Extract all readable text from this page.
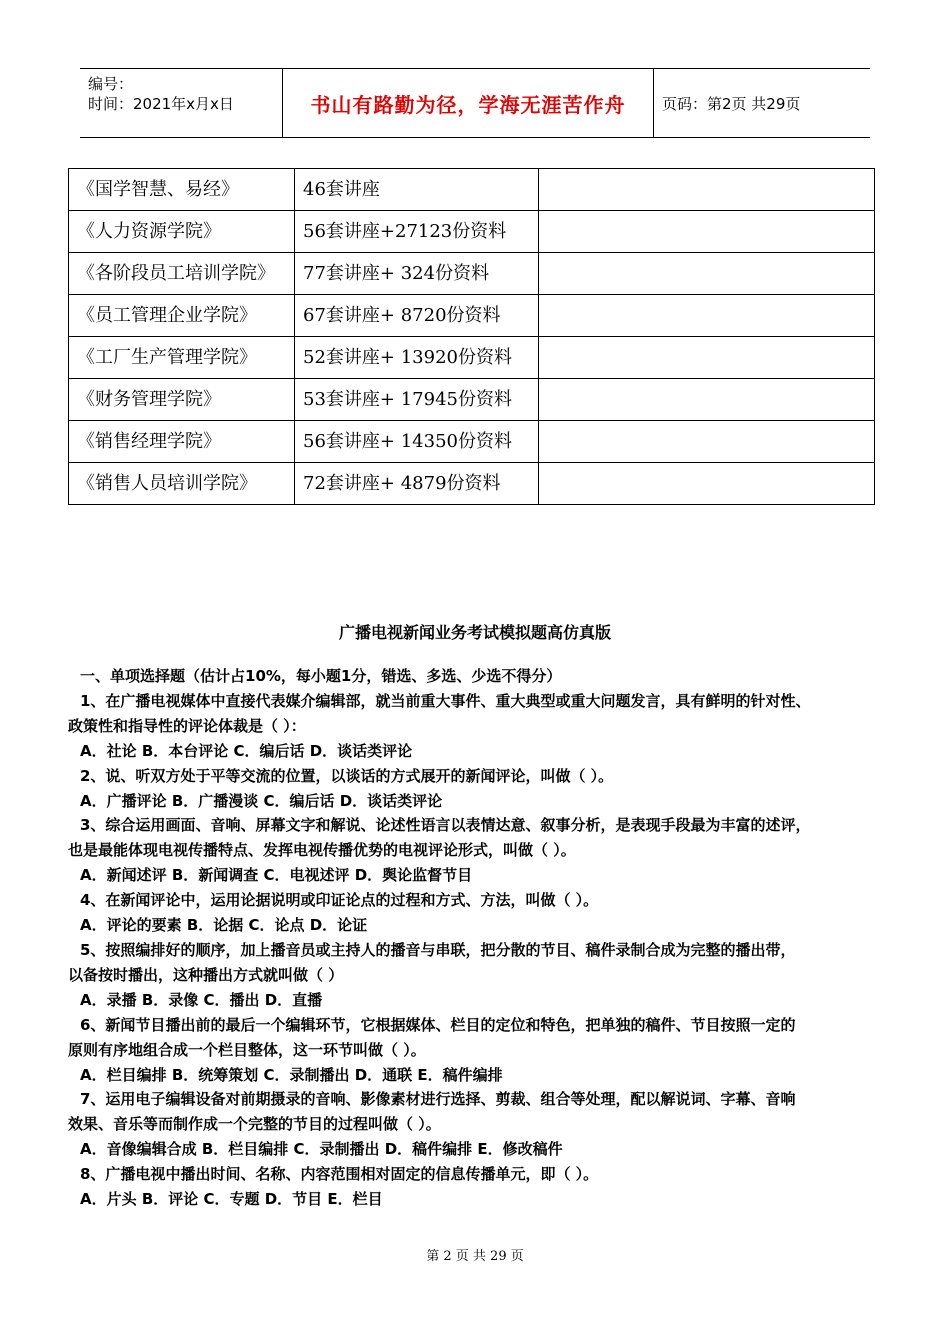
编号：
时间：2021年x月x日	书山有路勤为径，学海无涯苦作舟 页码：第2页 共29页
《国学智慧、易经》	46套讲座	
《人力资源学院》	56套讲座+27123份资料	
《各阶段员工培训学院》	77套讲座+ 324份资料	
《员工管理企业学院》	67套讲座+ 8720份资料	
《工厂生产管理学院》	52套讲座+ 13920份资料	
《财务管理学院》	53套讲座+ 17945份资料	
《销售经理学院》	56套讲座+ 14350份资料	
《销售人员培训学院》	72套讲座+ 4879份资料	
广播电视新闻业务考试模拟题高仿真版

一、单项选择题（估计占10%，每小题1分，错选、多选、少选不得分）

1、在广播电视媒体中直接代表媒介编辑部，就当前重大事件、重大典型或重大问题发言，具有鲜明的针对性、

政策性和指导性的评论体裁是（ ）：

A．社论 B．本台评论 C．编后话 D．谈话类评论

2、说、听双方处于平等交流的位置，以谈话的方式展开的新闻评论，叫做（ ）。

A．广播评论 B．广播漫谈 C．编后话 D．谈话类评论

3、综合运用画面、音响、屏幕文字和解说、论述性语言以表情达意、叙事分析，是表现手段最为丰富的述评，

也是最能体现电视传播特点、发挥电视传播优势的电视评论形式，叫做（ ）。

A．新闻述评 B．新闻调查 C．电视述评 D．舆论监督节目

4、在新闻评论中，运用论据说明或印证论点的过程和方式、方法，叫做（ ）。

A．评论的要素 B．论据 C．论点 D．论证

5、按照编排好的顺序，加上播音员或主持人的播音与串联，把分散的节目、稿件录制合成为完整的播出带，

以备按时播出，这种播出方式就叫做（ ）

A．录播 B．录像 C．播出 D．直播

6、新闻节目播出前的最后一个编辑环节，它根据媒体、栏目的定位和特色，把单独的稿件、节目按照一定的

原则有序地组合成一个栏目整体，这一环节叫做（ ）。

A．栏目编排 B．统筹策划 C．录制播出 D．通联 E．稿件编排

7、运用电子编辑设备对前期摄录的音响、影像素材进行选择、剪裁、组合等处理，配以解说词、字幕、音响

效果、音乐等而制作成一个完整的节目的过程叫做（ ）。

A．音像编辑合成 B．栏目编排 C．录制播出 D．稿件编排 E．修改稿件

8、广播电视中播出时间、名称、内容范围相对固定的信息传播单元，即（ ）。

A．片头 B．评论 C．专题 D．节目 E．栏目

第 2 页 共 29 页
